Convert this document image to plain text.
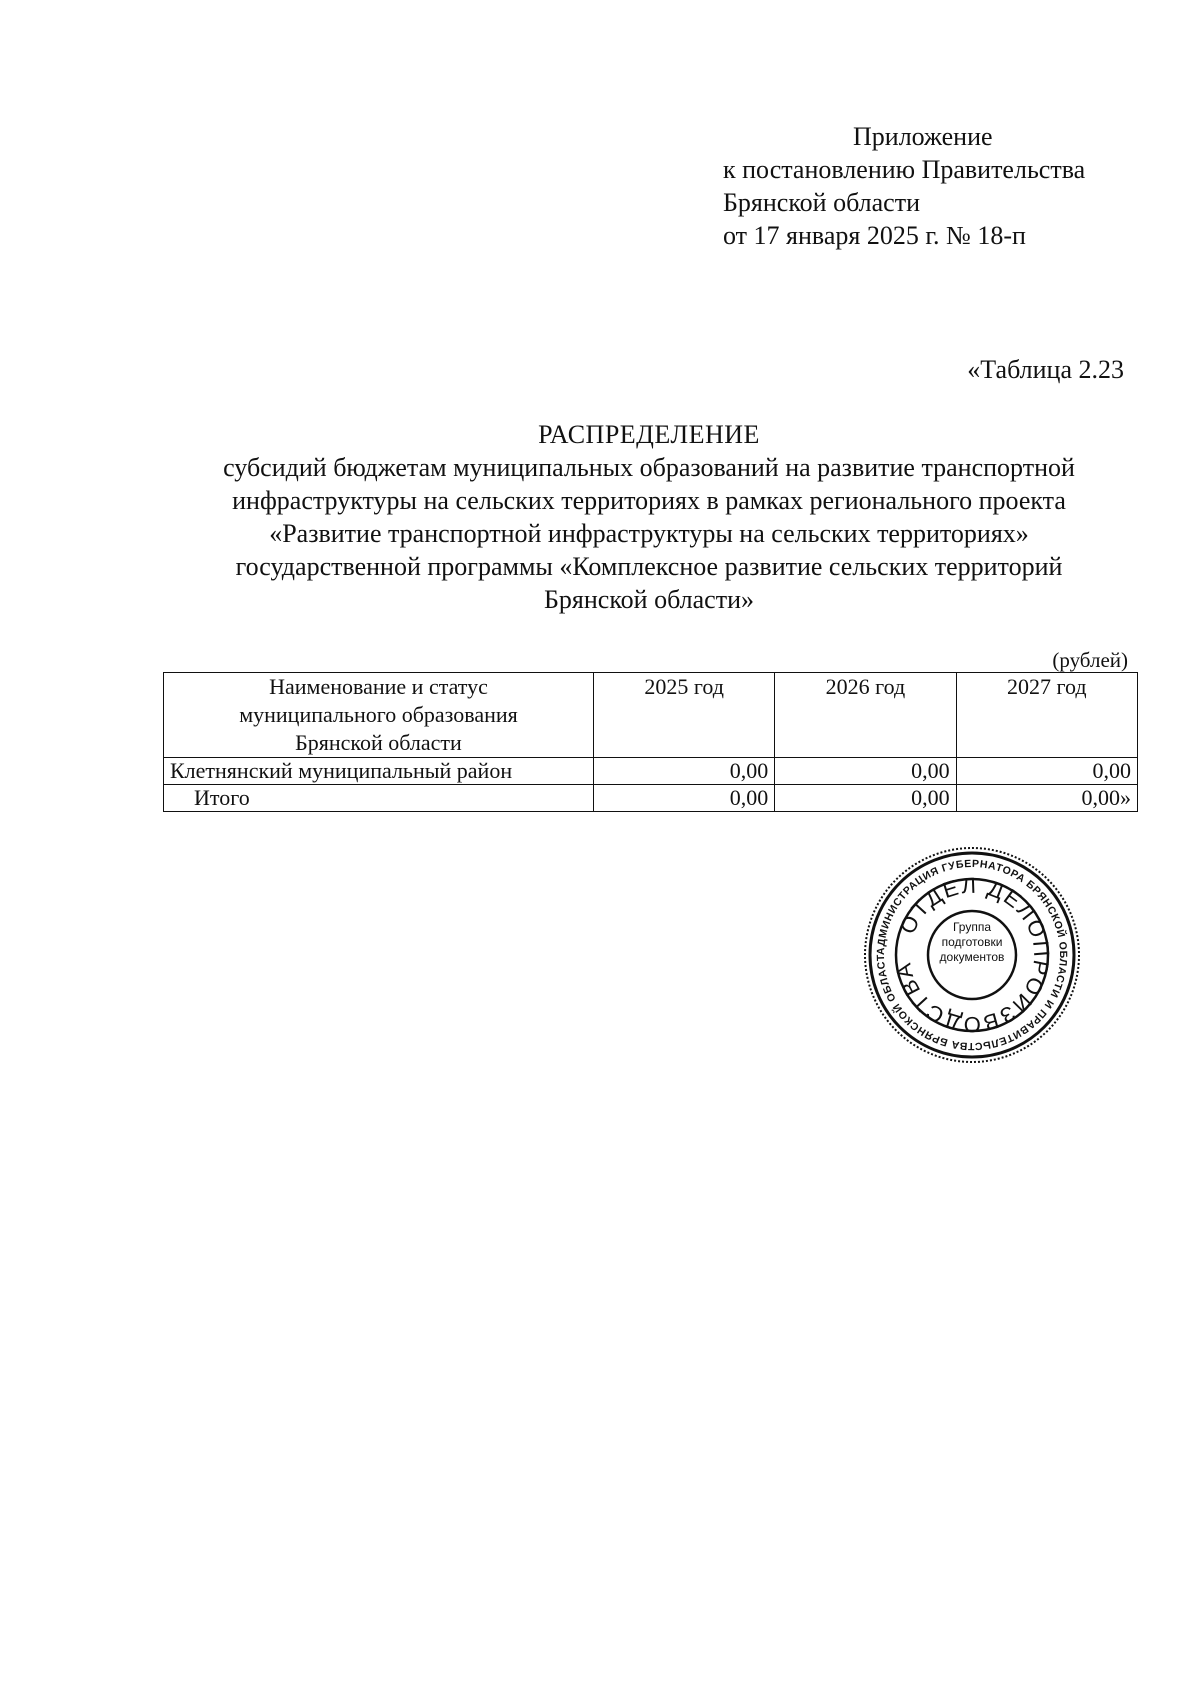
Приложение
к постановлению Правительства
Брянской области
от 17 января 2025 г. № 18-п
«Таблица 2.23
РАСПРЕДЕЛЕНИЕ
субсидий бюджетам муниципальных образований на развитие транспортной
инфраструктуры на сельских территориях в рамках регионального проекта
«Развитие транспортной инфраструктуры на сельских территориях»
государственной программы «Комплексное развитие сельских территорий
Брянской области»
(рублей)
Наименование и статус
муниципального образования
Брянской области	2025 год	2026 год	2027 год
Клетнянский муниципальный район	0,00	0,00	0,00
Итого	0,00	0,00	0,00»
АДМИНИСТРАЦИЯ ГУБЕРНАТОРА БРЯНСКОЙ ОБЛАСТИ И ПРАВИТЕЛЬСТВА БРЯНСКОЙ ОБЛАСТ
ОТДЕЛ ДЕЛОПРОИЗВОДСТВА
Группа
подготовки
документов
